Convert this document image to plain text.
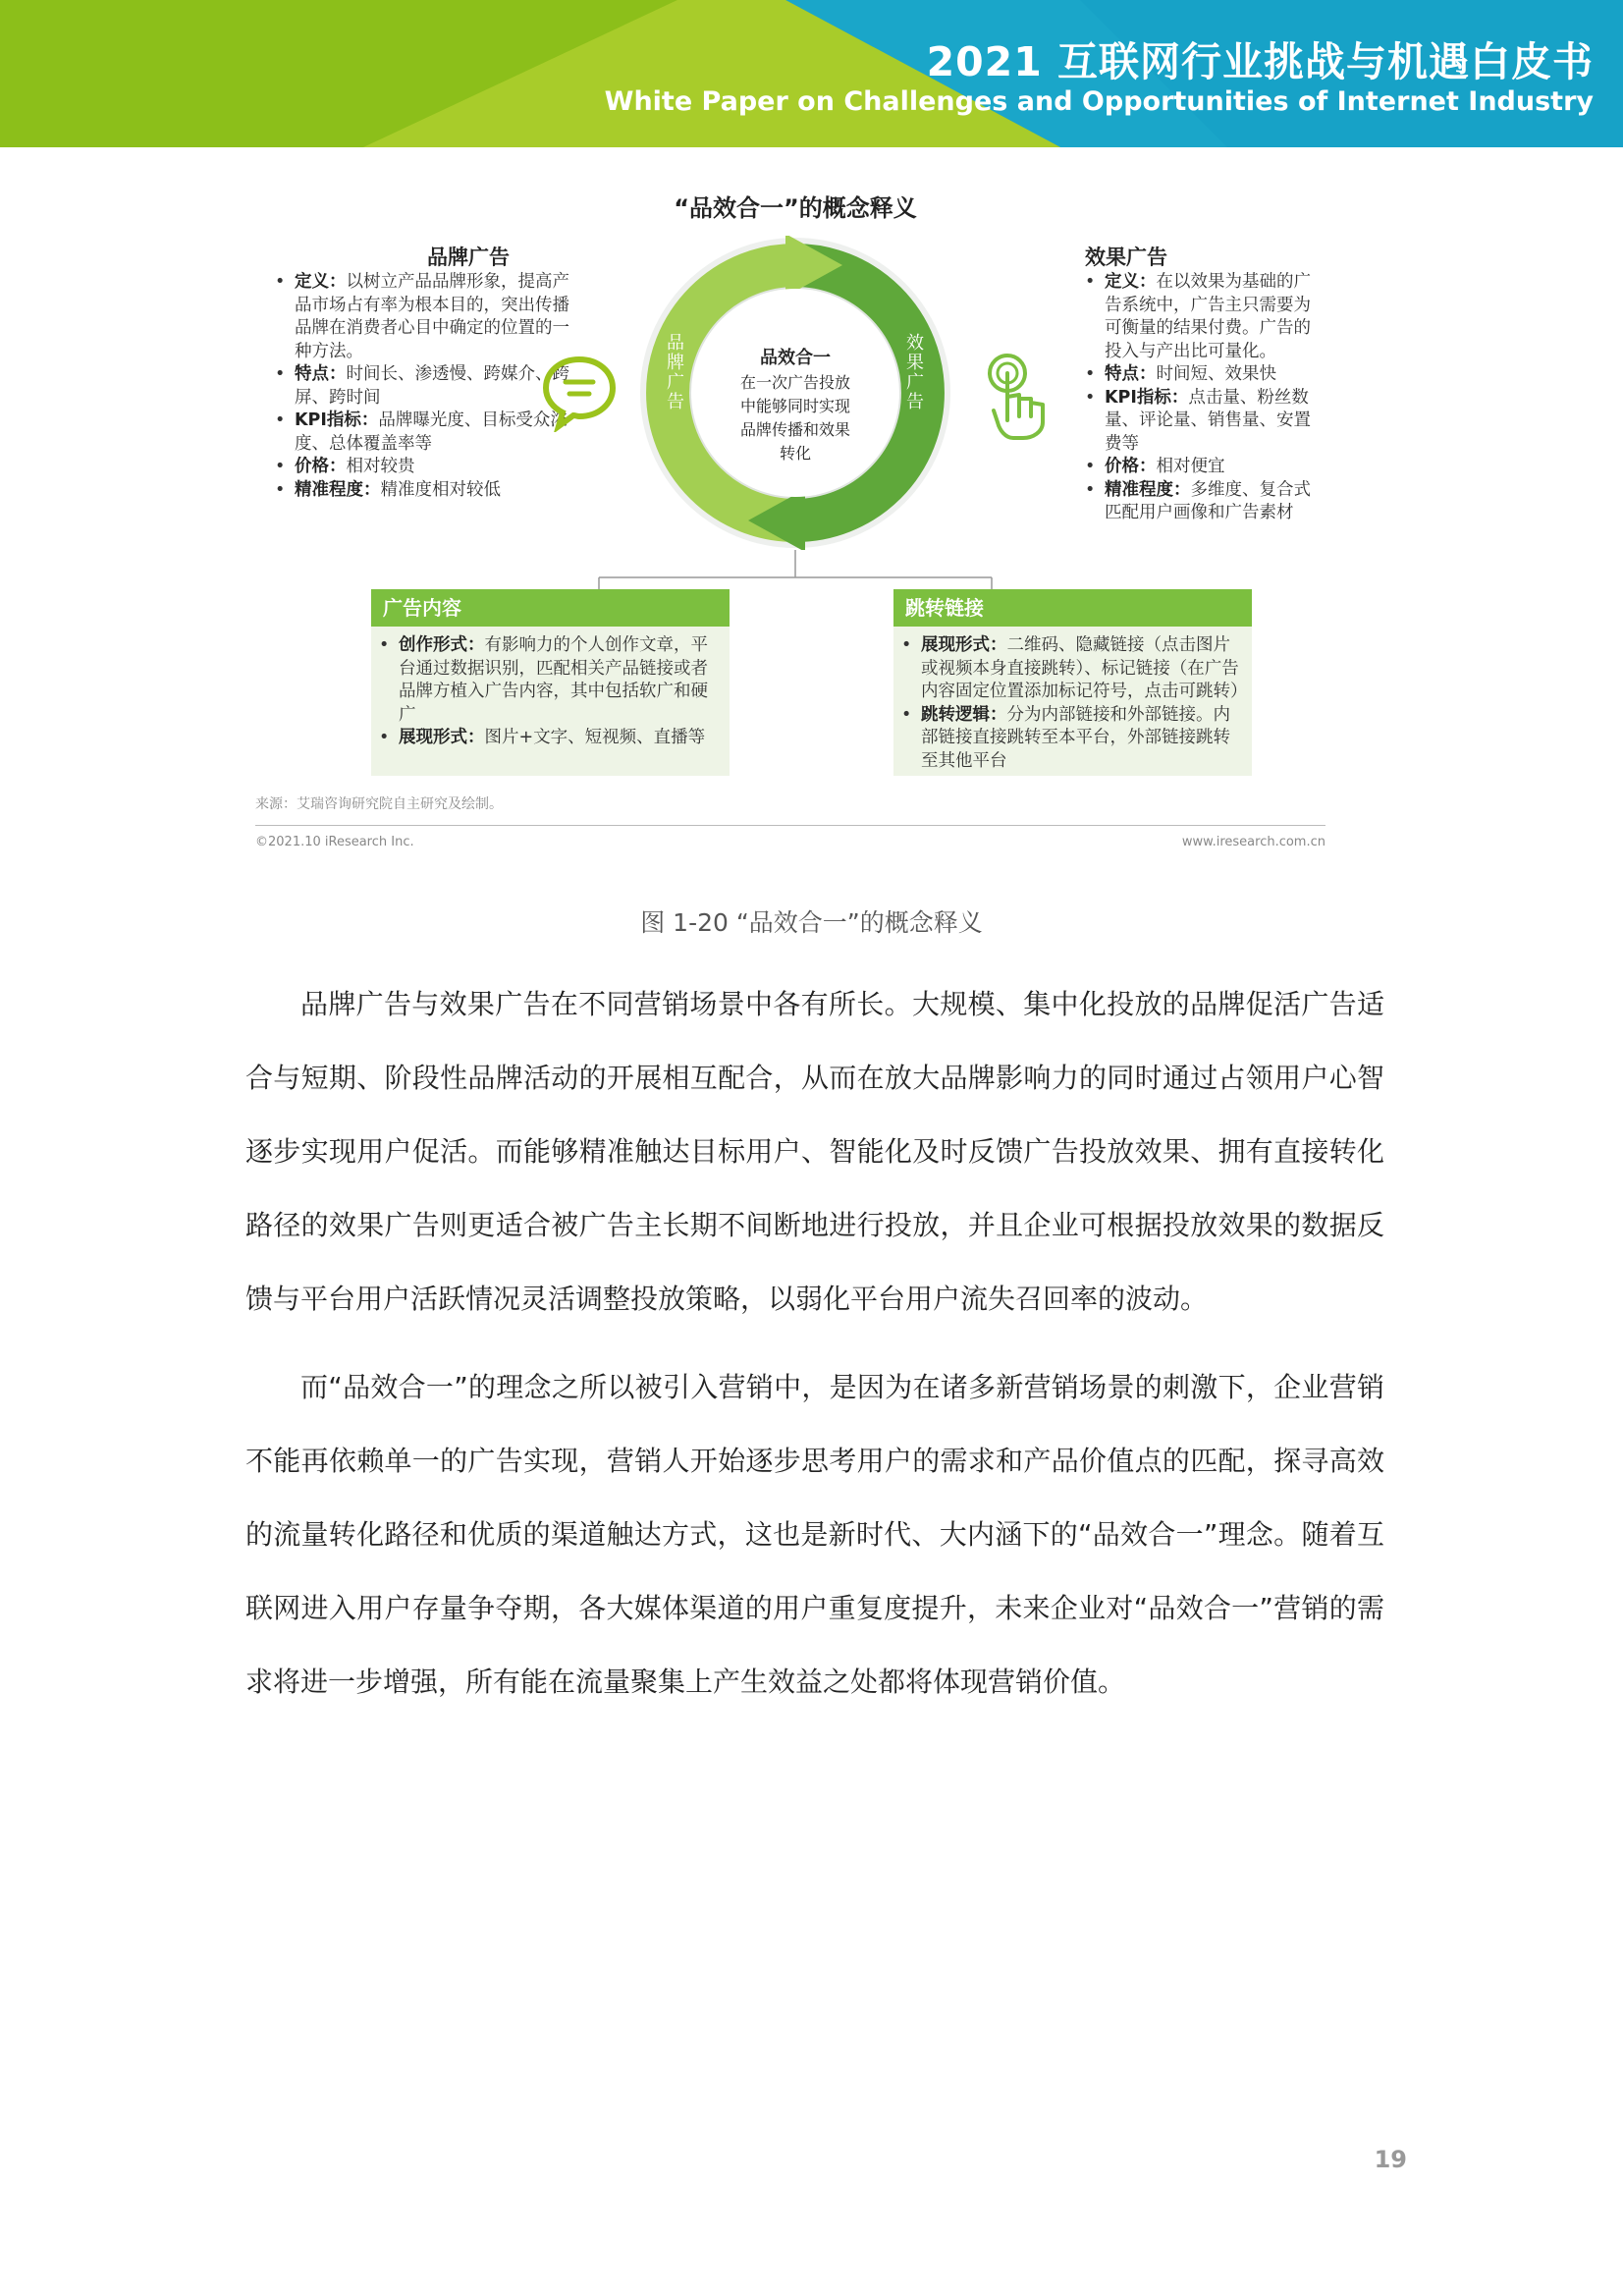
2021 互联网行业挑战与机遇白皮书
White Paper on Challenges and Opportunities of Internet Industry
“品效合一”的概念释义
品牌广告
• 定义：以树立产品品牌形象，提高产品市场占有率为根本目的，突出传播品牌在消费者心目中确定的位置的一种方法。
• 特点：时间长、渗透慢、跨媒介、跨屏、跨时间
• KPI指标：品牌曝光度、目标受众浓度、总体覆盖率等
• 价格：相对较贵
• 精准程度：精准度相对较低
品效合一
在一次广告投放中能够同时实现品牌传播和效果转化
品牌广告
效果广告
效果广告
• 定义：在以效果为基础的广告系统中，广告主只需要为可衡量的结果付费。广告的投入与产出比可量化。
• 特点：时间短、效果快
• KPI指标：点击量、粉丝数量、评论量、销售量、安置费等
• 价格：相对便宜
• 精准程度：多维度、复合式匹配用户画像和广告素材
广告内容
• 创作形式：有影响力的个人创作文章，平台通过数据识别，匹配相关产品链接或者品牌方植入广告内容，其中包括软广和硬广
• 展现形式：图片+文字、短视频、直播等
跳转链接
• 展现形式：二维码、隐藏链接（点击图片或视频本身直接跳转）、标记链接（在广告内容固定位置添加标记符号，点击可跳转）
• 跳转逻辑：分为内部链接和外部链接。内部链接直接跳转至本平台，外部链接跳转至其他平台
来源：艾瑞咨询研究院自主研究及绘制。
©2021.10 iResearch Inc.	www.iresearch.com.cn
图 1-20 “品效合一”的概念释义

品牌广告与效果广告在不同营销场景中各有所长。大规模、集中化投放的品牌促活广告适合与短期、阶段性品牌活动的开展相互配合，从而在放大品牌影响力的同时通过占领用户心智逐步实现用户促活。而能够精准触达目标用户、智能化及时反馈广告投放效果、拥有直接转化路径的效果广告则更适合被广告主长期不间断地进行投放，并且企业可根据投放效果的数据反馈与平台用户活跃情况灵活调整投放策略，以弱化平台用户流失召回率的波动。

而“品效合一”的理念之所以被引入营销中，是因为在诸多新营销场景的刺激下，企业营销不能再依赖单一的广告实现，营销人开始逐步思考用户的需求和产品价值点的匹配，探寻高效的流量转化路径和优质的渠道触达方式，这也是新时代、大内涵下的“品效合一”理念。随着互联网进入用户存量争夺期，各大媒体渠道的用户重复度提升，未来企业对“品效合一”营销的需求将进一步增强，所有能在流量聚集上产生效益之处都将体现营销价值。

19
